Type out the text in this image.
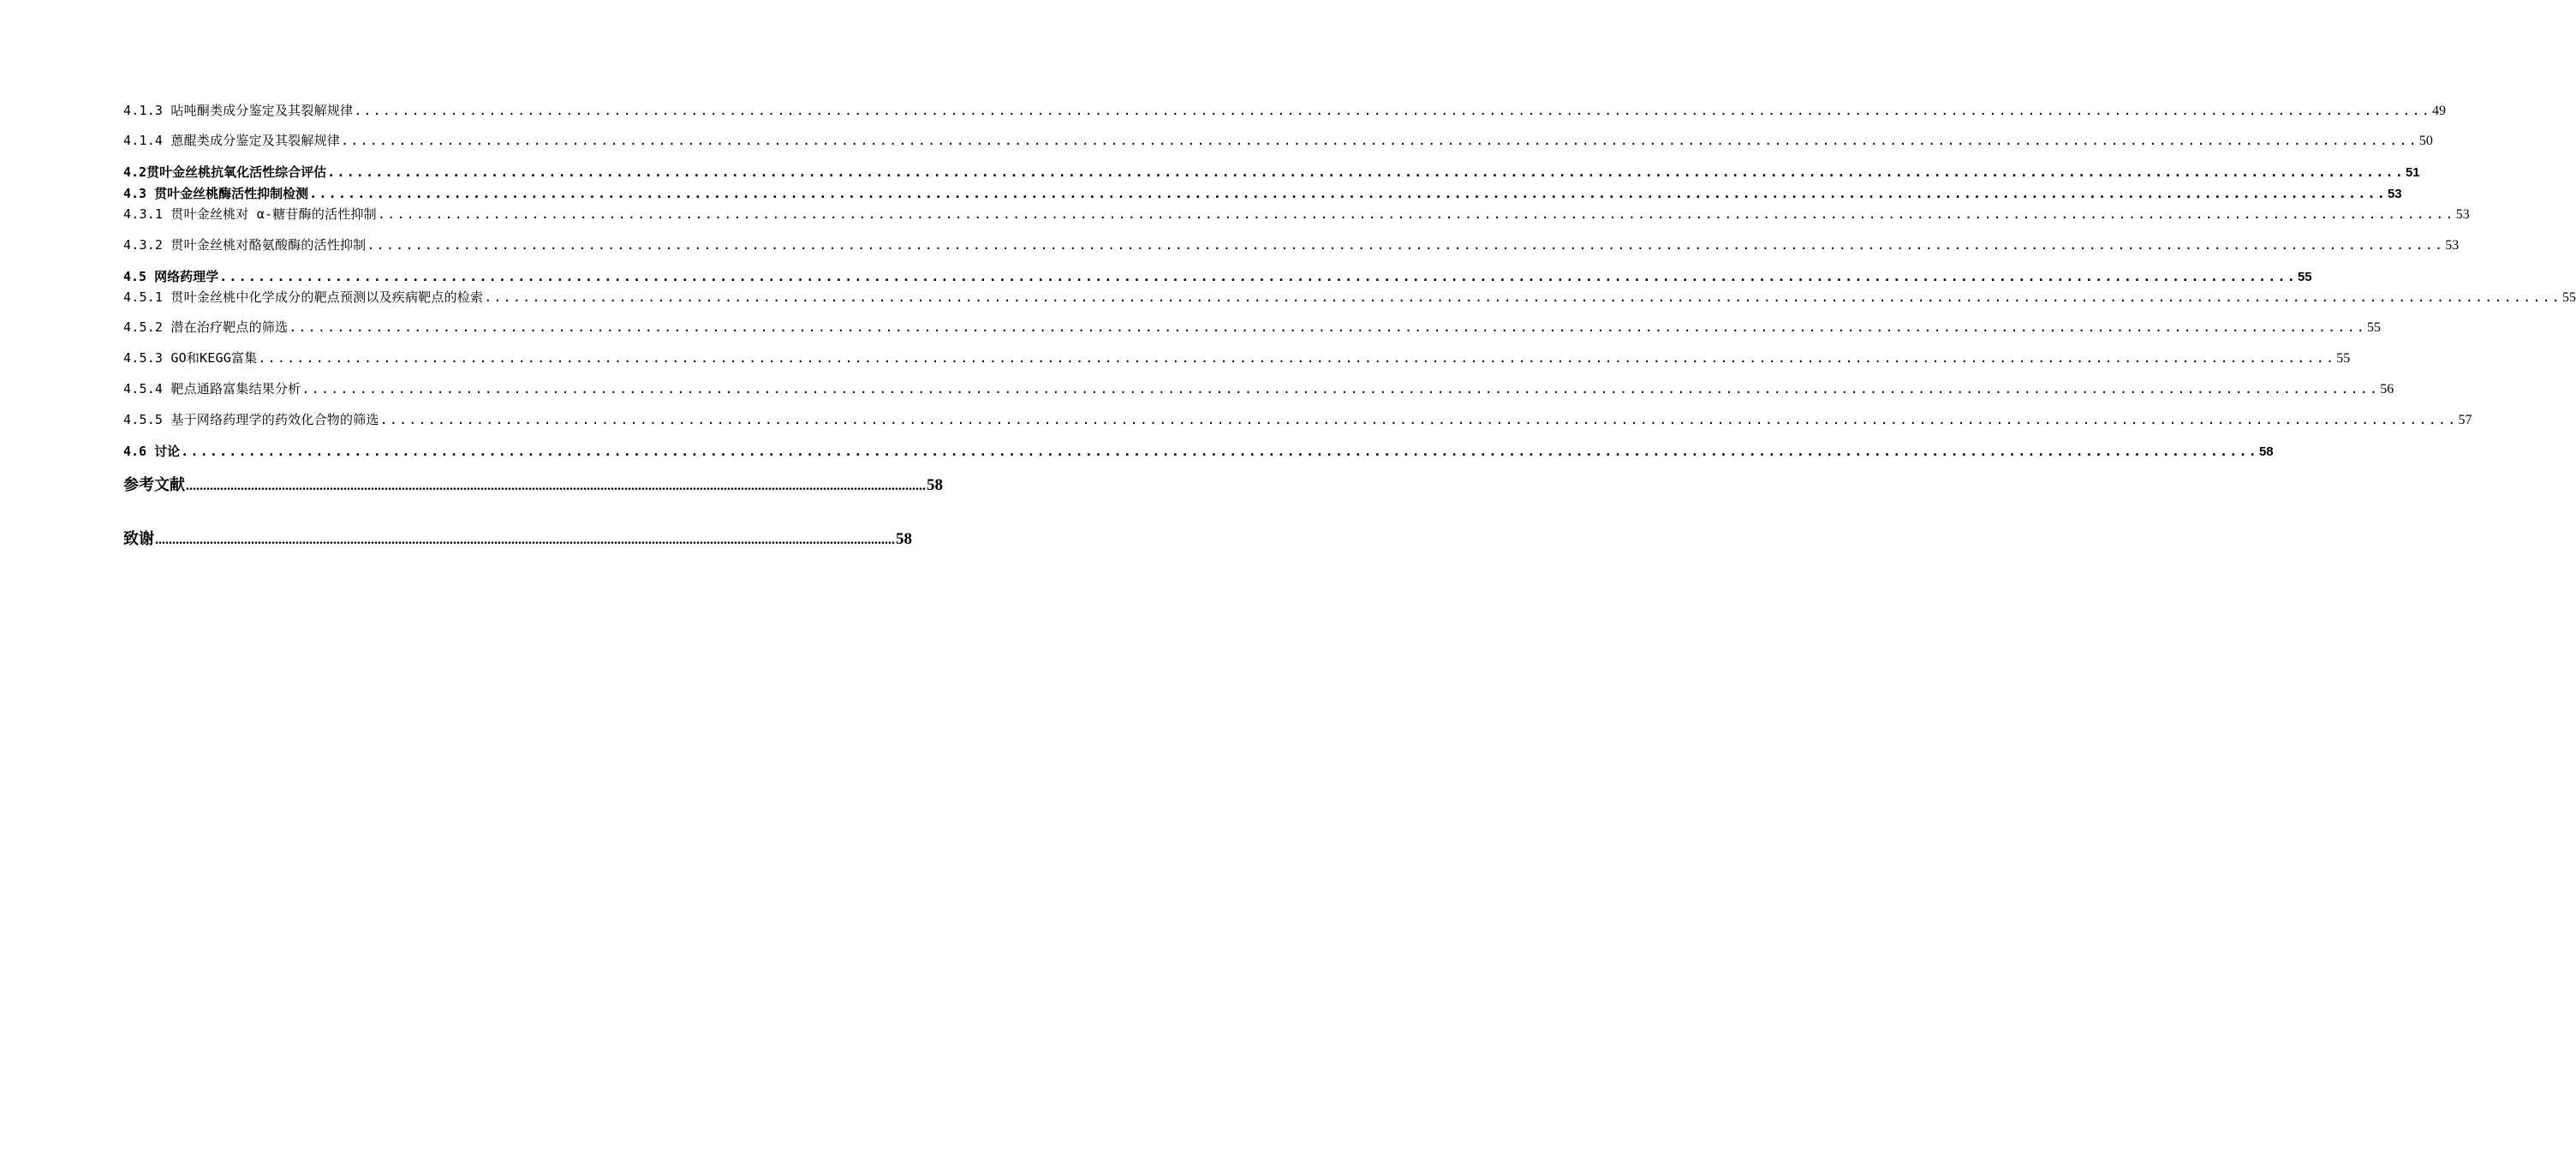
4.1.3 呫吨酮类成分鉴定及其裂解规律 ........................................................................................................................................................................................................................ 49
4.1.4 蒽醌类成分鉴定及其裂解规律 ........................................................................................................................................................................................................................ 50
4.2贯叶金丝桃抗氧化活性综合评估 ........................................................................................................................................................................................................................ 51
4.3 贯叶金丝桃酶活性抑制检测 ........................................................................................................................................................................................................................ 53
4.3.1 贯叶金丝桃对 α-糖苷酶的活性抑制 ........................................................................................................................................................................................................................ 53
4.3.2 贯叶金丝桃对酪氨酸酶的活性抑制 ........................................................................................................................................................................................................................ 53
4.5 网络药理学 ........................................................................................................................................................................................................................ 55
4.5.1 贯叶金丝桃中化学成分的靶点预测以及疾病靶点的检索 ........................................................................................................................................................................................................................ 55
4.5.2 潜在治疗靶点的筛选 ........................................................................................................................................................................................................................ 55
4.5.3 GO和KEGG富集 ........................................................................................................................................................................................................................ 55
4.5.4 靶点通路富集结果分析 ........................................................................................................................................................................................................................ 56
4.5.5 基于网络药理学的药效化合物的筛选 ........................................................................................................................................................................................................................ 57
4.6 讨论 ........................................................................................................................................................................................................................ 58
参考文献 ........................................................................................................................................................................................................................ 58
致谢 ........................................................................................................................................................................................................................ 58
